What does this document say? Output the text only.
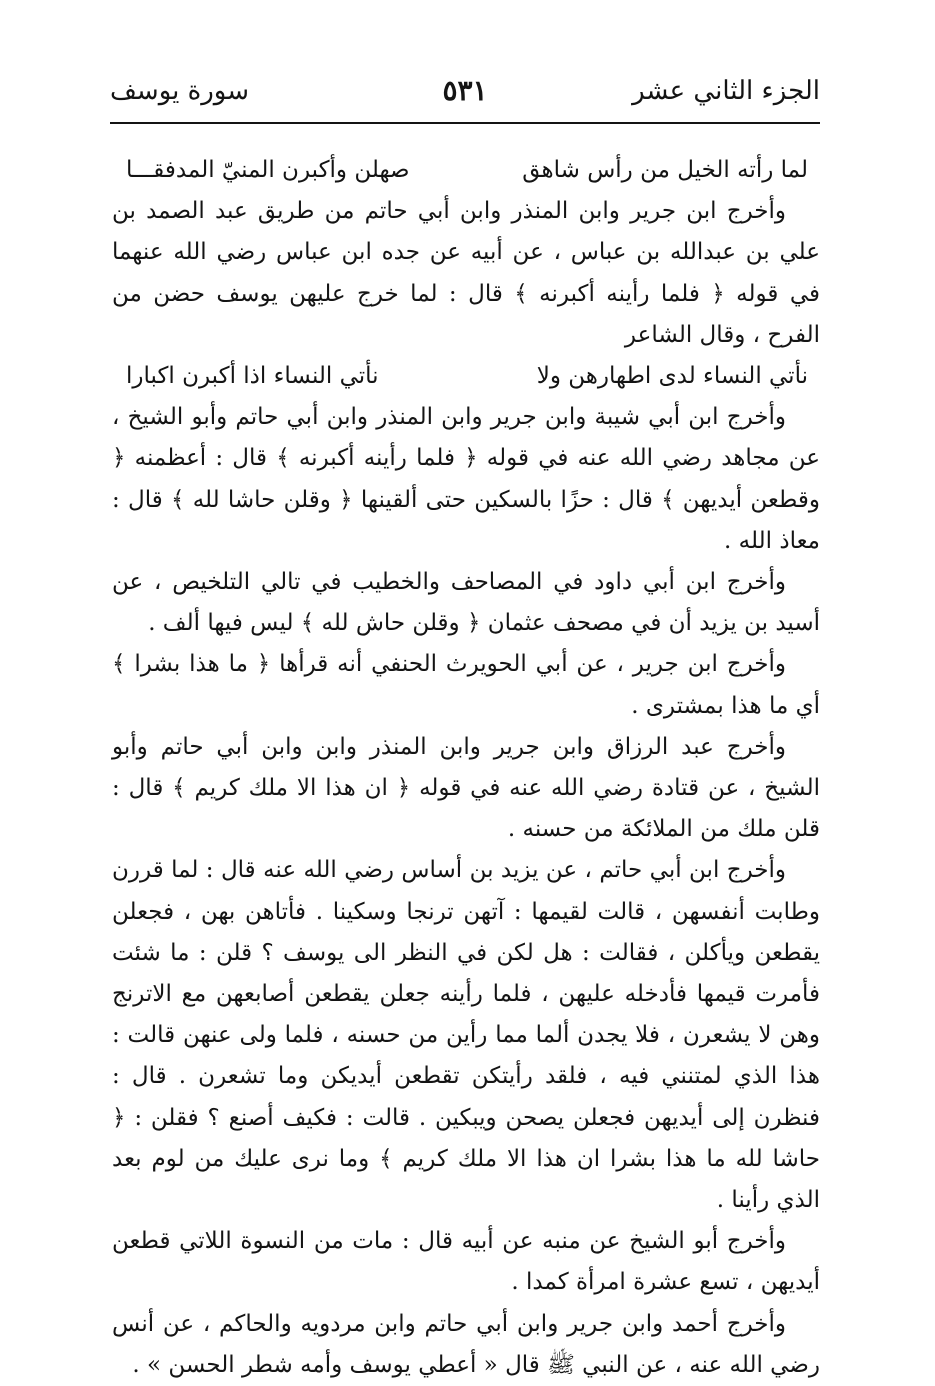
الجزء الثاني عشر
٥٣١
سورة يوسف
لما رأته الخيل من رأس شاهق
صهلن وأكبرن المنيّ المدفقـــا

وأخرج ابن جرير وابن المنذر وابن أبي حاتم من طريق عبد الصمد بن علي بن عبدالله بن عباس ، عن أبيه عن جده ابن عباس رضي الله عنهما في قوله ﴿ فلما رأينه أكبرنه ﴾ قال : لما خرج عليهن يوسف حضن من الفرح ، وقال الشاعر

نأتي النساء لدى اطهارهن ولا
نأتي النساء اذا أكبرن اكبارا

وأخرج ابن أبي شيبة وابن جرير وابن المنذر وابن أبي حاتم وأبو الشيخ ، عن مجاهد رضي الله عنه في قوله ﴿ فلما رأينه أكبرنه ﴾ قال : أعظمنه ﴿ وقطعن أيديهن ﴾ قال : حزًا بالسكين حتى ألقينها ﴿ وقلن حاشا لله ﴾ قال : معاذ الله .

وأخرج ابن أبي داود في المصاحف والخطيب في تالي التلخيص ، عن أسيد بن يزيد أن في مصحف عثمان ﴿ وقلن حاش لله ﴾ ليس فيها ألف .

وأخرج ابن جرير ، عن أبي الحويرث الحنفي أنه قرأها ﴿ ما هذا بشرا ﴾ أي ما هذا بمشترى .

وأخرج عبد الرزاق وابن جرير وابن المنذر وابن وابن أبي حاتم وأبو الشيخ ، عن قتادة رضي الله عنه في قوله ﴿ ان هذا الا ملك كريم ﴾ قال : قلن ملك من الملائكة من حسنه .

وأخرج ابن أبي حاتم ، عن يزيد بن أساس رضي الله عنه قال : لما قررن وطابت أنفسهن ، قالت لقيمها : آتهن ترنجا وسكينا . فأتاهن بهن ، فجعلن يقطعن ويأكلن ، فقالت : هل لكن في النظر الى يوسف ؟ قلن : ما شئت فأمرت قيمها فأدخله عليهن ، فلما رأينه جعلن يقطعن أصابعهن مع الاترنج وهن لا يشعرن ، فلا يجدن ألما مما رأين من حسنه ، فلما ولى عنهن قالت : هذا الذي لمتنني فيه ، فلقد رأيتكن تقطعن أيديكن وما تشعرن . قال : فنظرن إلى أيديهن فجعلن يصحن ويبكين . قالت : فكيف أصنع ؟ فقلن : ﴿ حاشا لله ما هذا بشرا ان هذا الا ملك كريم ﴾ وما نرى عليك من لوم بعد الذي رأينا .

وأخرج أبو الشيخ عن منبه عن أبيه قال : مات من النسوة اللاتي قطعن أيديهن ، تسع عشرة امرأة كمدا .

وأخرج أحمد وابن جرير وابن أبي حاتم وابن مردويه والحاكم ، عن أنس رضي الله عنه ، عن النبي ﷺ قال « أعطي يوسف وأمه شطر الحسن » .
